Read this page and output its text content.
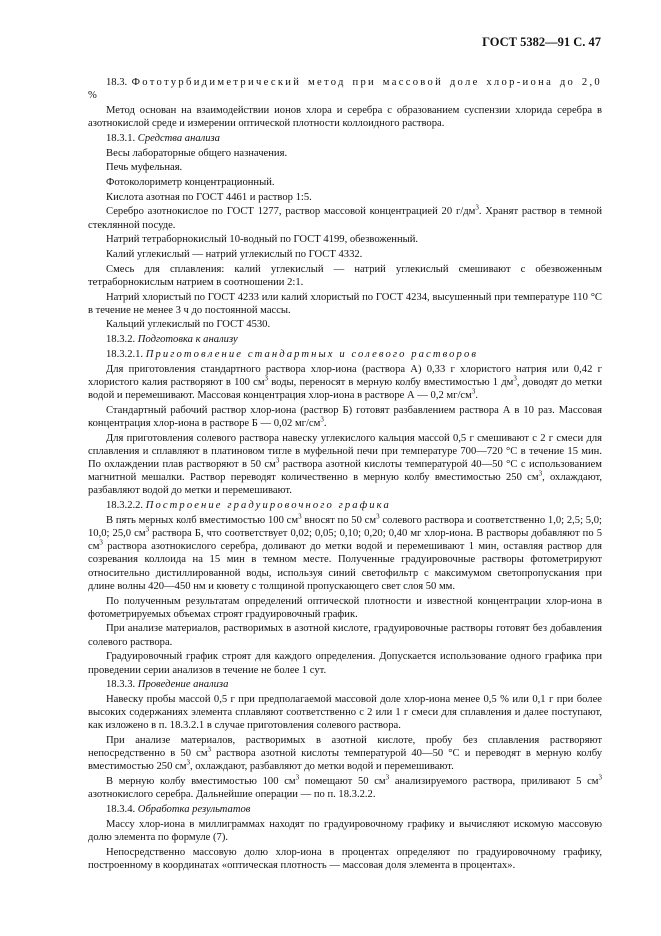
ГОСТ 5382—91 С. 47

18.3. Фототурбидиметрический метод при массовой доле хлор-иона до 2,0 %

Метод основан на взаимодействии ионов хлора и серебра с образованием суспензии хлорида серебра в азотнокислой среде и измерении оптической плотности коллоидного раствора.

18.3.1. Средства анализа

Весы лабораторные общего назначения.

Печь муфельная.

Фотоколориметр концентрационный.

Кислота азотная по ГОСТ 4461 и раствор 1:5.

Серебро азотнокислое по ГОСТ 1277, раствор массовой концентрацией 20 $г/дм^3$. Хранят раствор в темной стеклянной посуде.

Натрий тетраборнокислый 10-водный по ГОСТ 4199, обезвоженный.

Калий углекислый — натрий углекислый по ГОСТ 4332.

Смесь для сплавления: калий углекислый — натрий углекислый смешивают с обезвоженным тетраборнокислым натрием в соотношении 2:1.

Натрий хлористый по ГОСТ 4233 или калий хлористый по ГОСТ 4234, высушенный при температуре 110 °С в течение не менее 3 ч до постоянной массы.

Кальций углекислый по ГОСТ 4530.

18.3.2. Подготовка к анализу

18.3.2.1. Приготовление стандартных и солевого растворов

Для приготовления стандартного раствора хлор-иона (раствора А) 0,33 г хлористого натрия или 0,42 г хлористого калия растворяют в 100 $см^3$ воды, переносят в мерную колбу вместимостью 1 $дм^3$, доводят до метки водой и перемешивают. Массовая концентрация хлор-иона в растворе А — 0,2 $мг/см^3$.

Стандартный рабочий раствор хлор-иона (раствор Б) готовят разбавлением раствора А в 10 раз. Массовая концентрация хлор-иона в растворе Б — 0,02 $мг/см^3$.

Для приготовления солевого раствора навеску углекислого кальция массой 0,5 г смешивают с 2 г смеси для сплавления и сплавляют в платиновом тигле в муфельной печи при температуре 700—720 °С в течение 15 мин. По охлаждении плав растворяют в 50 $см^3$ раствора азотной кислоты температурой 40—50 °С с использованием магнитной мешалки. Раствор переводят количественно в мерную колбу вместимостью 250 $см^3$, охлаждают, разбавляют водой до метки и перемешивают.

18.3.2.2. Построение градуировочного графика

В пять мерных колб вместимостью 100 $см^3$ вносят по 50 $см^3$ солевого раствора и соответственно 1,0; 2,5; 5,0; 10,0; 25,0 $см^3$ раствора Б, что соответствует 0,02; 0,05; 0,10; 0,20; 0,40 мг хлор-иона. В растворы добавляют по 5 $см^3$ раствора азотнокислого серебра, доливают до метки водой и перемешивают 1 мин, оставляя раствор для созревания коллоида на 15 мин в темном месте. Полученные градуировочные растворы фотометрируют относительно дистиллированной воды, используя синий светофильтр с максимумом светопропускания при длине волны 420—450 нм и кювету с толщиной пропускающего свет слоя 50 мм.

По полученным результатам определений оптической плотности и известной концентрации хлор-иона в фотометрируемых объемах строят градуировочный график.

При анализе материалов, растворимых в азотной кислоте, градуировочные растворы готовят без добавления солевого раствора.

Градуировочный график строят для каждого определения. Допускается использование одного графика при проведении серии анализов в течение не более 1 сут.

18.3.3. Проведение анализа

Навеску пробы массой 0,5 г при предполагаемой массовой доле хлор-иона менее 0,5 % или 0,1 г при более высоких содержаниях элемента сплавляют соответственно с 2 или 1 г смеси для сплавления и далее поступают, как изложено в п. 18.3.2.1 в случае приготовления солевого раствора.

При анализе материалов, растворимых в азотной кислоте, пробу без сплавления растворяют непосредственно в 50 $см^3$ раствора азотной кислоты температурой 40—50 °С и переводят в мерную колбу вместимостью 250 $см^3$, охлаждают, разбавляют до метки водой и перемешивают.

В мерную колбу вместимостью 100 $см^3$ помещают 50 $см^3$ анализируемого раствора, приливают 5 $см^3$ азотнокислого серебра. Дальнейшие операции — по п. 18.3.2.2.

18.3.4. Обработка результатов

Массу хлор-иона в миллиграммах находят по градуировочному графику и вычисляют искомую массовую долю элемента по формуле (7).

Непосредственно массовую долю хлор-иона в процентах определяют по градуировочному графику, построенному в координатах «оптическая плотность — массовая доля элемента в процентах».
